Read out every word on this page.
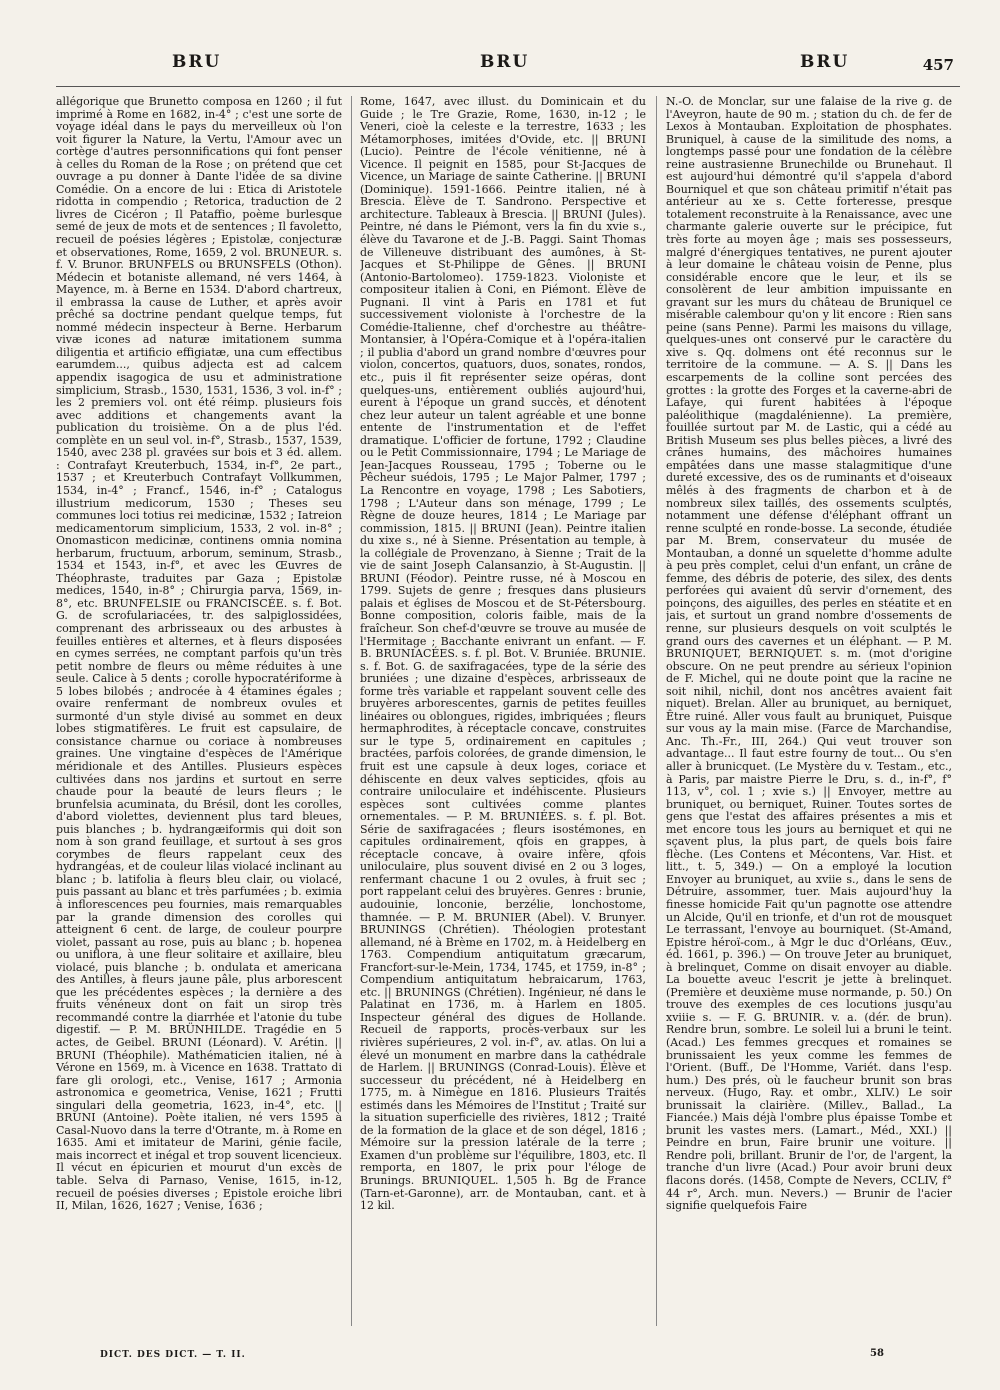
BRU	BRU	BRU	457

allégorique que Brunetto composa en 1260 ; il fut imprimé à Rome en 1682, in-4° ; c'est une sorte de voyage idéal dans le pays du merveilleux où l'on voit figurer la Nature, la Vertu, l'Amour avec un cortège d'autres personnifications qui font penser à celles du Roman de la Rose ; on prétend que cet ouvrage a pu donner à Dante l'idée de sa divine Comédie. On a encore de lui : Etica di Aristotele ridotta in compendio ; Retorica, traduction de 2 livres de Cicéron ; Il Pataffio, poème burlesque semé de jeux de mots et de sentences ; Il favoletto, recueil de poésies légères ; Epistolæ, conjecturæ et observationes, Rome, 1659, 2 vol. BRUNEUR. s. f. V. Brunor. BRUNFELS ou BRUNSFELS (Othon). Médecin et botaniste allemand, né vers 1464, à Mayence, m. à Berne en 1534. D'abord chartreux, il embrassa la cause de Luther, et après avoir prêché sa doctrine pendant quelque temps, fut nommé médecin inspecteur à Berne. Herbarum vivæ icones ad naturæ imitationem summa diligentia et artificio effigiatæ, una cum effectibus earumdem..., quibus adjecta est ad calcem appendix isagogica de usu et administratione simplicium, Strasb., 1530, 1531, 1536, 3 vol. in-f° ; les 2 premiers vol. ont été réimp. plusieurs fois avec additions et changements avant la publication du troisième. On a de plus l'éd. complète en un seul vol. in-f°, Strasb., 1537, 1539, 1540, avec 238 pl. gravées sur bois et 3 éd. allem. : Contrafayt Kreuterbuch, 1534, in-f°, 2e part., 1537 ; et Kreuterbuch Contrafayt Vollkummen, 1534, in-4° ; Francf., 1546, in-f° ; Catalogus illustrium medicorum, 1530 ; Theses seu communes loci totius rei medicinæ, 1532 ; Iatreion medicamentorum simplicium, 1533, 2 vol. in-8° ; Onomasticon medicinæ, continens omnia nomina herbarum, fructuum, arborum, seminum, Strasb., 1534 et 1543, in-f°, et avec les Œuvres de Théophraste, traduites par Gaza ; Epistolæ medices, 1540, in-8° ; Chirurgia parva, 1569, in-8°, etc. BRUNFELSIE ou FRANCISCÉE. s. f. Bot. G. de scrofulariacées, tr. des salpiglossidées, comprenant des arbrisseaux ou des arbustes à feuilles entières et alternes, et à fleurs disposées en cymes serrées, ne comptant parfois qu'un très petit nombre de fleurs ou même réduites à une seule. Calice à 5 dents ; corolle hypocratériforme à 5 lobes bilobés ; androcée à 4 étamines égales ; ovaire renfermant de nombreux ovules et surmonté d'un style divisé au sommet en deux lobes stigmatifères. Le fruit est capsulaire, de consistance charnue ou coriace à nombreuses graines. Une vingtaine d'espèces de l'Amérique méridionale et des Antilles. Plusieurs espèces cultivées dans nos jardins et surtout en serre chaude pour la beauté de leurs fleurs ; le brunfelsia acuminata, du Brésil, dont les corolles, d'abord violettes, deviennent plus tard bleues, puis blanches ; b. hydrangæiformis qui doit son nom à son grand feuillage, et surtout à ses gros corymbes de fleurs rappelant ceux des hydrangéas, et de couleur lilas violacé inclinant au blanc ; b. latifolia à fleurs bleu clair, ou violacé, puis passant au blanc et très parfumées ; b. eximia à inflorescences peu fournies, mais remarquables par la grande dimension des corolles qui atteignent 6 cent. de large, de couleur pourpre violet, passant au rose, puis au blanc ; b. hopenea ou uniflora, à une fleur solitaire et axillaire, bleu violacé, puis blanche ; b. ondulata et americana des Antilles, à fleurs jaune pâle, plus arborescent que les précédentes espèces ; la dernière a des fruits vénéneux dont on fait un sirop très recommandé contre la diarrhée et l'atonie du tube digestif. — P. M. BRÜNHILDE. Tragédie en 5 actes, de Geibel. BRUNI (Léonard). V. Arétin. || BRUNI (Théophile). Mathématicien italien, né à Vérone en 1569, m. à Vicence en 1638. Trattato di fare gli orologi, etc., Venise, 1617 ; Armonia astronomica e geometrica, Venise, 1621 ; Frutti singulari della geometria, 1623, in-4°, etc. || BRUNI (Antoine). Poète italien, né vers 1595 à Casal-Nuovo dans la terre d'Otrante, m. à Rome en 1635. Ami et imitateur de Marini, génie facile, mais incorrect et inégal et trop souvent licencieux. Il vécut en épicurien et mourut d'un excès de table. Selva di Parnaso, Venise, 1615, in-12, recueil de poésies diverses ; Epistole eroiche libri II, Milan, 1626, 1627 ; Venise, 1636 ;

Rome, 1647, avec illust. du Dominicain et du Guide ; le Tre Grazie, Rome, 1630, in-12 ; le Veneri, cioè la celeste e la terrestre, 1633 ; les Métamorphoses, imitées d'Ovide, etc. || BRUNI (Lucio). Peintre de l'école vénitienne, né à Vicence. Il peignit en 1585, pour St-Jacques de Vicence, un Mariage de sainte Catherine. || BRUNI (Dominique). 1591-1666. Peintre italien, né à Brescia. Élève de T. Sandrono. Perspective et architecture. Tableaux à Brescia. || BRUNI (Jules). Peintre, né dans le Piémont, vers la fin du xvie s., élève du Tavarone et de J.-B. Paggi. Saint Thomas de Villeneuve distribuant des aumônes, à St-Jacques et St-Philippe de Gênes. || BRUNI (Antonio-Bartolomeo). 1759-1823. Violoniste et compositeur italien à Coni, en Piémont. Élève de Pugnani. Il vint à Paris en 1781 et fut successivement violoniste à l'orchestre de la Comédie-Italienne, chef d'orchestre au théâtre-Montansier, à l'Opéra-Comique et à l'opéra-italien ; il publia d'abord un grand nombre d'œuvres pour violon, concertos, quatuors, duos, sonates, rondos, etc., puis il fit représenter seize opéras, dont quelques-uns, entièrement oubliés aujourd'hui, eurent à l'époque un grand succès, et dénotent chez leur auteur un talent agréable et une bonne entente de l'instrumentation et de l'effet dramatique. L'officier de fortune, 1792 ; Claudine ou le Petit Commissionnaire, 1794 ; Le Mariage de Jean-Jacques Rousseau, 1795 ; Toberne ou le Pêcheur suédois, 1795 ; Le Major Palmer, 1797 ; La Rencontre en voyage, 1798 ; Les Sabotiers, 1798 ; L'Auteur dans son ménage, 1799 ; Le Règne de douze heures, 1814 ; Le Mariage par commission, 1815. || BRUNI (Jean). Peintre italien du xixe s., né à Sienne. Présentation au temple, à la collégiale de Provenzano, à Sienne ; Trait de la vie de saint Joseph Calansanzio, à St-Augustin. || BRUNI (Féodor). Peintre russe, né à Moscou en 1799. Sujets de genre ; fresques dans plusieurs palais et églises de Moscou et de St-Pétersbourg. Bonne composition, coloris faible, mais de la fraîcheur. Son chef-d'œuvre se trouve au musée de l'Hermitage ; Bacchante enivrant un enfant. — F. B. BRUNIACÉES. s. f. pl. Bot. V. Bruniée. BRUNIE. s. f. Bot. G. de saxifragacées, type de la série des bruniées ; une dizaine d'espèces, arbrisseaux de forme très variable et rappelant souvent celle des bruyères arborescentes, garnis de petites feuilles linéaires ou oblongues, rigides, imbriquées ; fleurs hermaphrodites, à réceptacle concave, construites sur le type 5, ordinairement en capitules ; bractées, parfois colorées, de grande dimension, le fruit est une capsule à deux loges, coriace et déhiscente en deux valves septicides, qfois au contraire uniloculaire et indéhiscente. Plusieurs espèces sont cultivées comme plantes ornementales. — P. M. BRUNIÉES. s. f. pl. Bot. Série de saxifragacées ; fleurs isostémones, en capitules ordinairement, qfois en grappes, à réceptacle concave, à ovaire infère, qfois uniloculaire, plus souvent divisé en 2 ou 3 loges, renfermant chacune 1 ou 2 ovules, à fruit sec ; port rappelant celui des bruyères. Genres : brunie, audouinie, lonconie, berzélie, lonchostome, thamnée. — P. M. BRUNIER (Abel). V. Brunyer. BRUNINGS (Chrétien). Théologien protestant allemand, né à Brème en 1702, m. à Heidelberg en 1763. Compendium antiquitatum græcarum, Francfort-sur-le-Mein, 1734, 1745, et 1759, in-8° ; Compendium antiquitatum hebraicarum, 1763, etc. || BRUNINGS (Chrétien). Ingénieur, né dans le Palatinat en 1736, m. à Harlem en 1805. Inspecteur général des digues de Hollande. Recueil de rapports, procès-verbaux sur les rivières supérieures, 2 vol. in-f°, av. atlas. On lui a élevé un monument en marbre dans la cathédrale de Harlem. || BRUNINGS (Conrad-Louis). Élève et successeur du précédent, né à Heidelberg en 1775, m. à Nimègue en 1816. Plusieurs Traités estimés dans les Mémoires de l'Institut ; Traité sur la situation superficielle des rivières, 1812 ; Traité de la formation de la glace et de son dégel, 1816 ; Mémoire sur la pression latérale de la terre ; Examen d'un problème sur l'équilibre, 1803, etc. Il remporta, en 1807, le prix pour l'éloge de Brunings. BRUNIQUEL. 1,505 h. Bg de France (Tarn-et-Garonne), arr. de Montauban, cant. et à 12 kil.

N.-O. de Monclar, sur une falaise de la rive g. de l'Aveyron, haute de 90 m. ; station du ch. de fer de Lexos à Montauban. Exploitation de phosphates. Bruniquel, à cause de la similitude des noms, a longtemps passé pour une fondation de la célèbre reine austrasienne Brunechilde ou Brunehaut. Il est aujourd'hui démontré qu'il s'appela d'abord Bourniquel et que son château primitif n'était pas antérieur au xe s. Cette forteresse, presque totalement reconstruite à la Renaissance, avec une charmante galerie ouverte sur le précipice, fut très forte au moyen âge ; mais ses possesseurs, malgré d'énergiques tentatives, ne purent ajouter à leur domaine le château voisin de Penne, plus considérable encore que le leur, et ils se consolèrent de leur ambition impuissante en gravant sur les murs du château de Bruniquel ce misérable calembour qu'on y lit encore : Rien sans peine (sans Penne). Parmi les maisons du village, quelques-unes ont conservé pur le caractère du xive s. Qq. dolmens ont été reconnus sur le territoire de la commune. — A. S. || Dans les escarpements de la colline sont percées des grottes : la grotte des Forges et la caverne-abri de Lafaye, qui furent habitées à l'époque paléolithique (magdalénienne). La première, fouillée surtout par M. de Lastic, qui a cédé au British Museum ses plus belles pièces, a livré des crânes humains, des mâchoires humaines empâtées dans une masse stalagmitique d'une dureté excessive, des os de ruminants et d'oiseaux mêlés à des fragments de charbon et à de nombreux silex taillés, des ossements sculptés, notamment une défense d'éléphant offrant un renne sculpté en ronde-bosse. La seconde, étudiée par M. Brem, conservateur du musée de Montauban, a donné un squelette d'homme adulte à peu près complet, celui d'un enfant, un crâne de femme, des débris de poterie, des silex, des dents perforées qui avaient dû servir d'ornement, des poinçons, des aiguilles, des perles en stéatite et en jais, et surtout un grand nombre d'ossements de renne, sur plusieurs desquels on voit sculptés le grand ours des cavernes et un éléphant. — P. M. BRUNIQUET, BERNIQUET. s. m. (mot d'origine obscure. On ne peut prendre au sérieux l'opinion de F. Michel, qui ne doute point que la racine ne soit nihil, nichil, dont nos ancêtres avaient fait niquet). Brelan. Aller au bruniquet, au berniquet, Être ruiné. Aller vous fault au bruniquet, Puisque sur vous ay la main mise. (Farce de Marchandise, Anc. Th.-Fr., III, 264.) Qui veut trouver son advantage... Il faut estre fourny de tout... Ou s'en aller à brunicquet. (Le Mystère du v. Testam., etc., à Paris, par maistre Pierre le Dru, s. d., in-f°, f° 113, v°, col. 1 ; xvie s.) || Envoyer, mettre au bruniquet, ou berniquet, Ruiner. Toutes sortes de gens que l'estat des affaires présentes a mis et met encore tous les jours au berniquet et qui ne sçavent plus, la plus part, de quels bois faire flèche. (Les Contens et Mécontens, Var. Hist. et litt., t. 5, 349.) — On a employé la locution Envoyer au bruniquet, au xviie s., dans le sens de Détruire, assommer, tuer. Mais aujourd'huy la finesse homicide Fait qu'un pagnotte ose attendre un Alcide, Qu'il en trionfe, et d'un rot de mousquet Le terrassant, l'envoye au bourniquet. (St-Amand, Epistre héroï-com., à Mgr le duc d'Orléans, Œuv., éd. 1661, p. 396.) — On trouve Jeter au bruniquet, à brelinquet, Comme on disait envoyer au diable. La bouette aveuc l'escrit je jette à brelinquet. (Première et deuxième muse normande, p. 50.) On trouve des exemples de ces locutions jusqu'au xviiie s. — F. G. BRUNIR. v. a. (dér. de brun). Rendre brun, sombre. Le soleil lui a bruni le teint. (Acad.) Les femmes grecques et romaines se brunissaient les yeux comme les femmes de l'Orient. (Buff., De l'Homme, Variét. dans l'esp. hum.) Des prés, où le faucheur brunit son bras nerveux. (Hugo, Ray. et ombr., XLIV.) Le soir brunissait la clairière. (Millev., Ballad., La Fiancée.) Mais déjà l'ombre plus épaisse Tombe et brunit les vastes mers. (Lamart., Méd., XXI.) || Peindre en brun, Faire brunir une voiture. || Rendre poli, brillant. Brunir de l'or, de l'argent, la tranche d'un livre (Acad.) Pour avoir bruni deux flacons dorés. (1458, Compte de Nevers, CCLIV, f° 44 r°, Arch. mun. Nevers.) — Brunir de l'acier signifie quelquefois Faire

DICT. DES DICT. — T. II.	58
